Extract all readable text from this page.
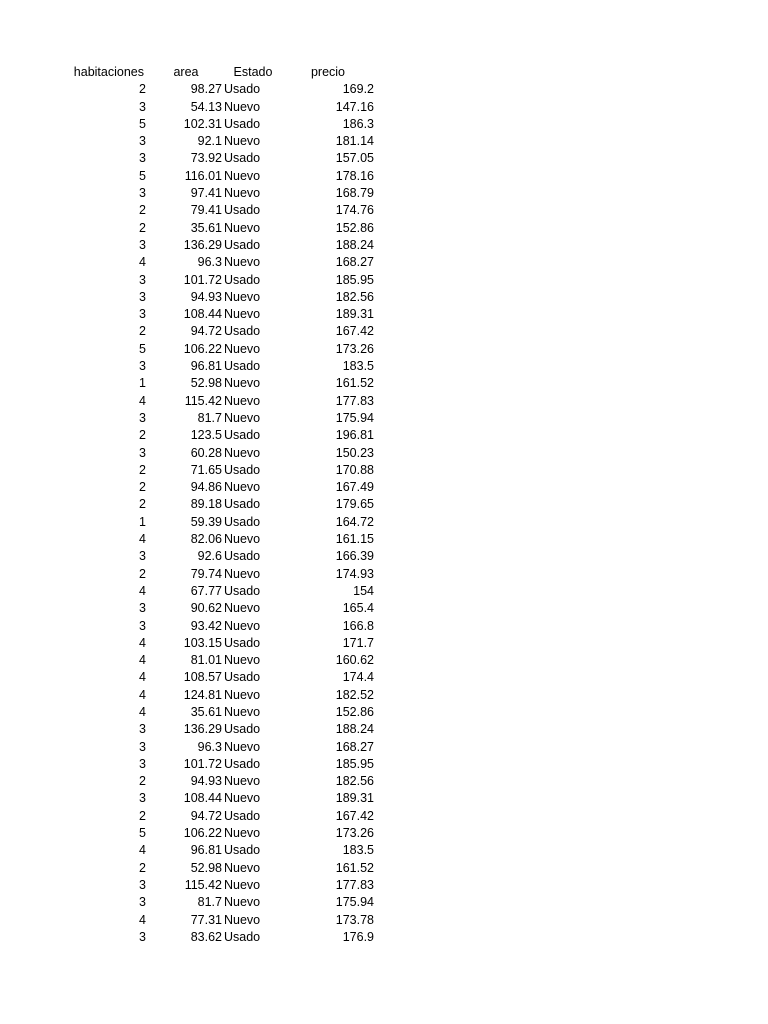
habitaciones	area	Estado	precio
2	98.27	Usado	169.2
3	54.13	Nuevo	147.16
5	102.31	Usado	186.3
3	92.1	Nuevo	181.14
3	73.92	Usado	157.05
5	116.01	Nuevo	178.16
3	97.41	Nuevo	168.79
2	79.41	Usado	174.76
2	35.61	Nuevo	152.86
3	136.29	Usado	188.24
4	96.3	Nuevo	168.27
3	101.72	Usado	185.95
3	94.93	Nuevo	182.56
3	108.44	Nuevo	189.31
2	94.72	Usado	167.42
5	106.22	Nuevo	173.26
3	96.81	Usado	183.5
1	52.98	Nuevo	161.52
4	115.42	Nuevo	177.83
3	81.7	Nuevo	175.94
2	123.5	Usado	196.81
3	60.28	Nuevo	150.23
2	71.65	Usado	170.88
2	94.86	Nuevo	167.49
2	89.18	Usado	179.65
1	59.39	Usado	164.72
4	82.06	Nuevo	161.15
3	92.6	Usado	166.39
2	79.74	Nuevo	174.93
4	67.77	Usado	154
3	90.62	Nuevo	165.4
3	93.42	Nuevo	166.8
4	103.15	Usado	171.7
4	81.01	Nuevo	160.62
4	108.57	Usado	174.4
4	124.81	Nuevo	182.52
4	35.61	Nuevo	152.86
3	136.29	Usado	188.24
3	96.3	Nuevo	168.27
3	101.72	Usado	185.95
2	94.93	Nuevo	182.56
3	108.44	Nuevo	189.31
2	94.72	Usado	167.42
5	106.22	Nuevo	173.26
4	96.81	Usado	183.5
2	52.98	Nuevo	161.52
3	115.42	Nuevo	177.83
3	81.7	Nuevo	175.94
4	77.31	Nuevo	173.78
3	83.62	Usado	176.9
